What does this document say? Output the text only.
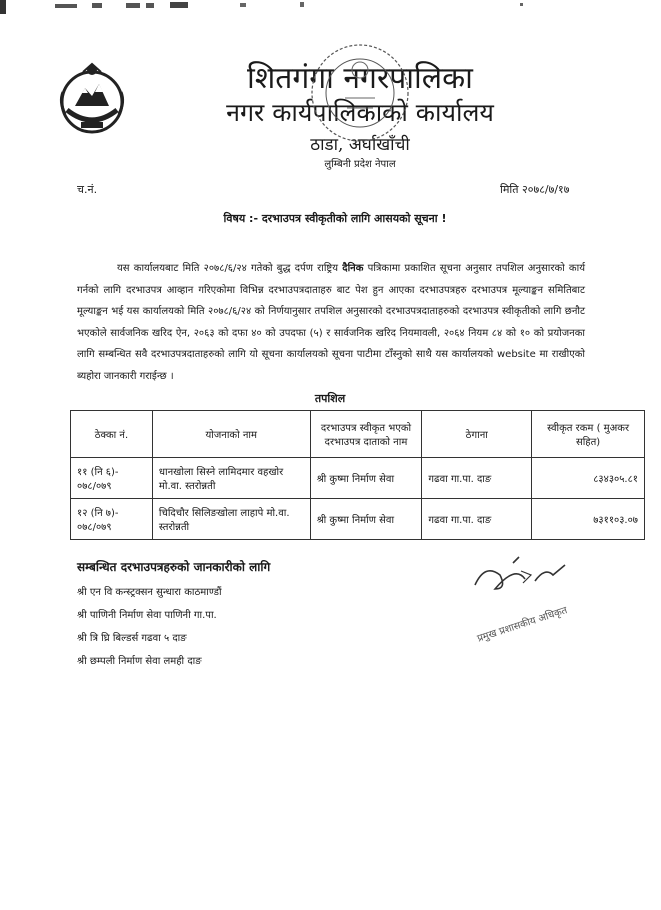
शितगंगा नगरपालिका
नगर कार्यपालिकाको कार्यालय
ठाडा, अर्घाखाँची
लुम्बिनी प्रदेश नेपाल
च.नं.	मिति २०७८/७/१७
विषय :- दरभाउपत्र स्वीकृतीको लागि आसयको सूचना !
यस कार्यालयबाट मिति २०७८/६/२४ गतेको बुद्ध दर्पण राष्ट्रिय दैनिक पत्रिकामा प्रकाशित सूचना अनुसार तपशिल अनुसारको कार्य गर्नको लागि दरभाउपत्र आव्हान गरिएकोमा विभिन्न दरभाउपत्रदाताहरु बाट पेश हुन आएका दरभाउपत्रहरु दरभाउपत्र मूल्याङ्कन समितिबाट मूल्याङ्कन भई यस कार्यालयको मिति २०७८/६/२४ को निर्णयानुसार तपशिल अनुसारको दरभाउपत्रदाताहरुको दरभाउपत्र स्वीकृतीको लागि छनौट भएकोले सार्वजनिक खरिद ऐन, २०६३ को दफा ४० को उपदफा (५) र सार्वजनिक खरिद नियमावली, २०६४ नियम ८४ को १० को प्रयोजनका लागि सम्बन्धित सवै दरभाउपत्रदाताहरुको लागि यो सूचना कार्यालयको सूचना पाटीमा टाँस्नुको साथै यस कार्यालयको website मा राखीएको ब्यहोरा जानकारी गराईन्छ ।
तपशिल
ठेक्का नं.	योजनाको नाम	दरभाउपत्र स्वीकृत भएको दरभाउपत्र दाताको नाम	ठेगाना	स्वीकृत रकम ( मुअकर सहित)
११ (नि ६)- ०७८/०७९	धानखोला सिस्ने लामिदमार वहखोर मो.वा. स्तरोन्नती	श्री कुष्मा निर्माण सेवा	गढवा गा.पा. दाङ	८३४३०५.८१
१२ (नि ७)- ०७८/०७९	चिदिचौर सिलिङखोला लाहापे मो.वा. स्तरोन्नती	श्री कुष्मा निर्माण सेवा	गढवा गा.पा. दाङ	७३११०३.०७
सम्बन्धित दरभाउपत्रहरुको जानकारीको लागि
श्री एन वि कन्स्ट्रक्सन सुन्धारा काठमाण्डौं
श्री पाणिनी निर्माण सेवा पाणिनी गा.पा.
श्री त्रि घ्रि बिल्डर्स गढवा ५ दाङ
श्री छम्पली निर्माण सेवा लमही दाङ
प्रमुख प्रशासकीय अधिकृत
